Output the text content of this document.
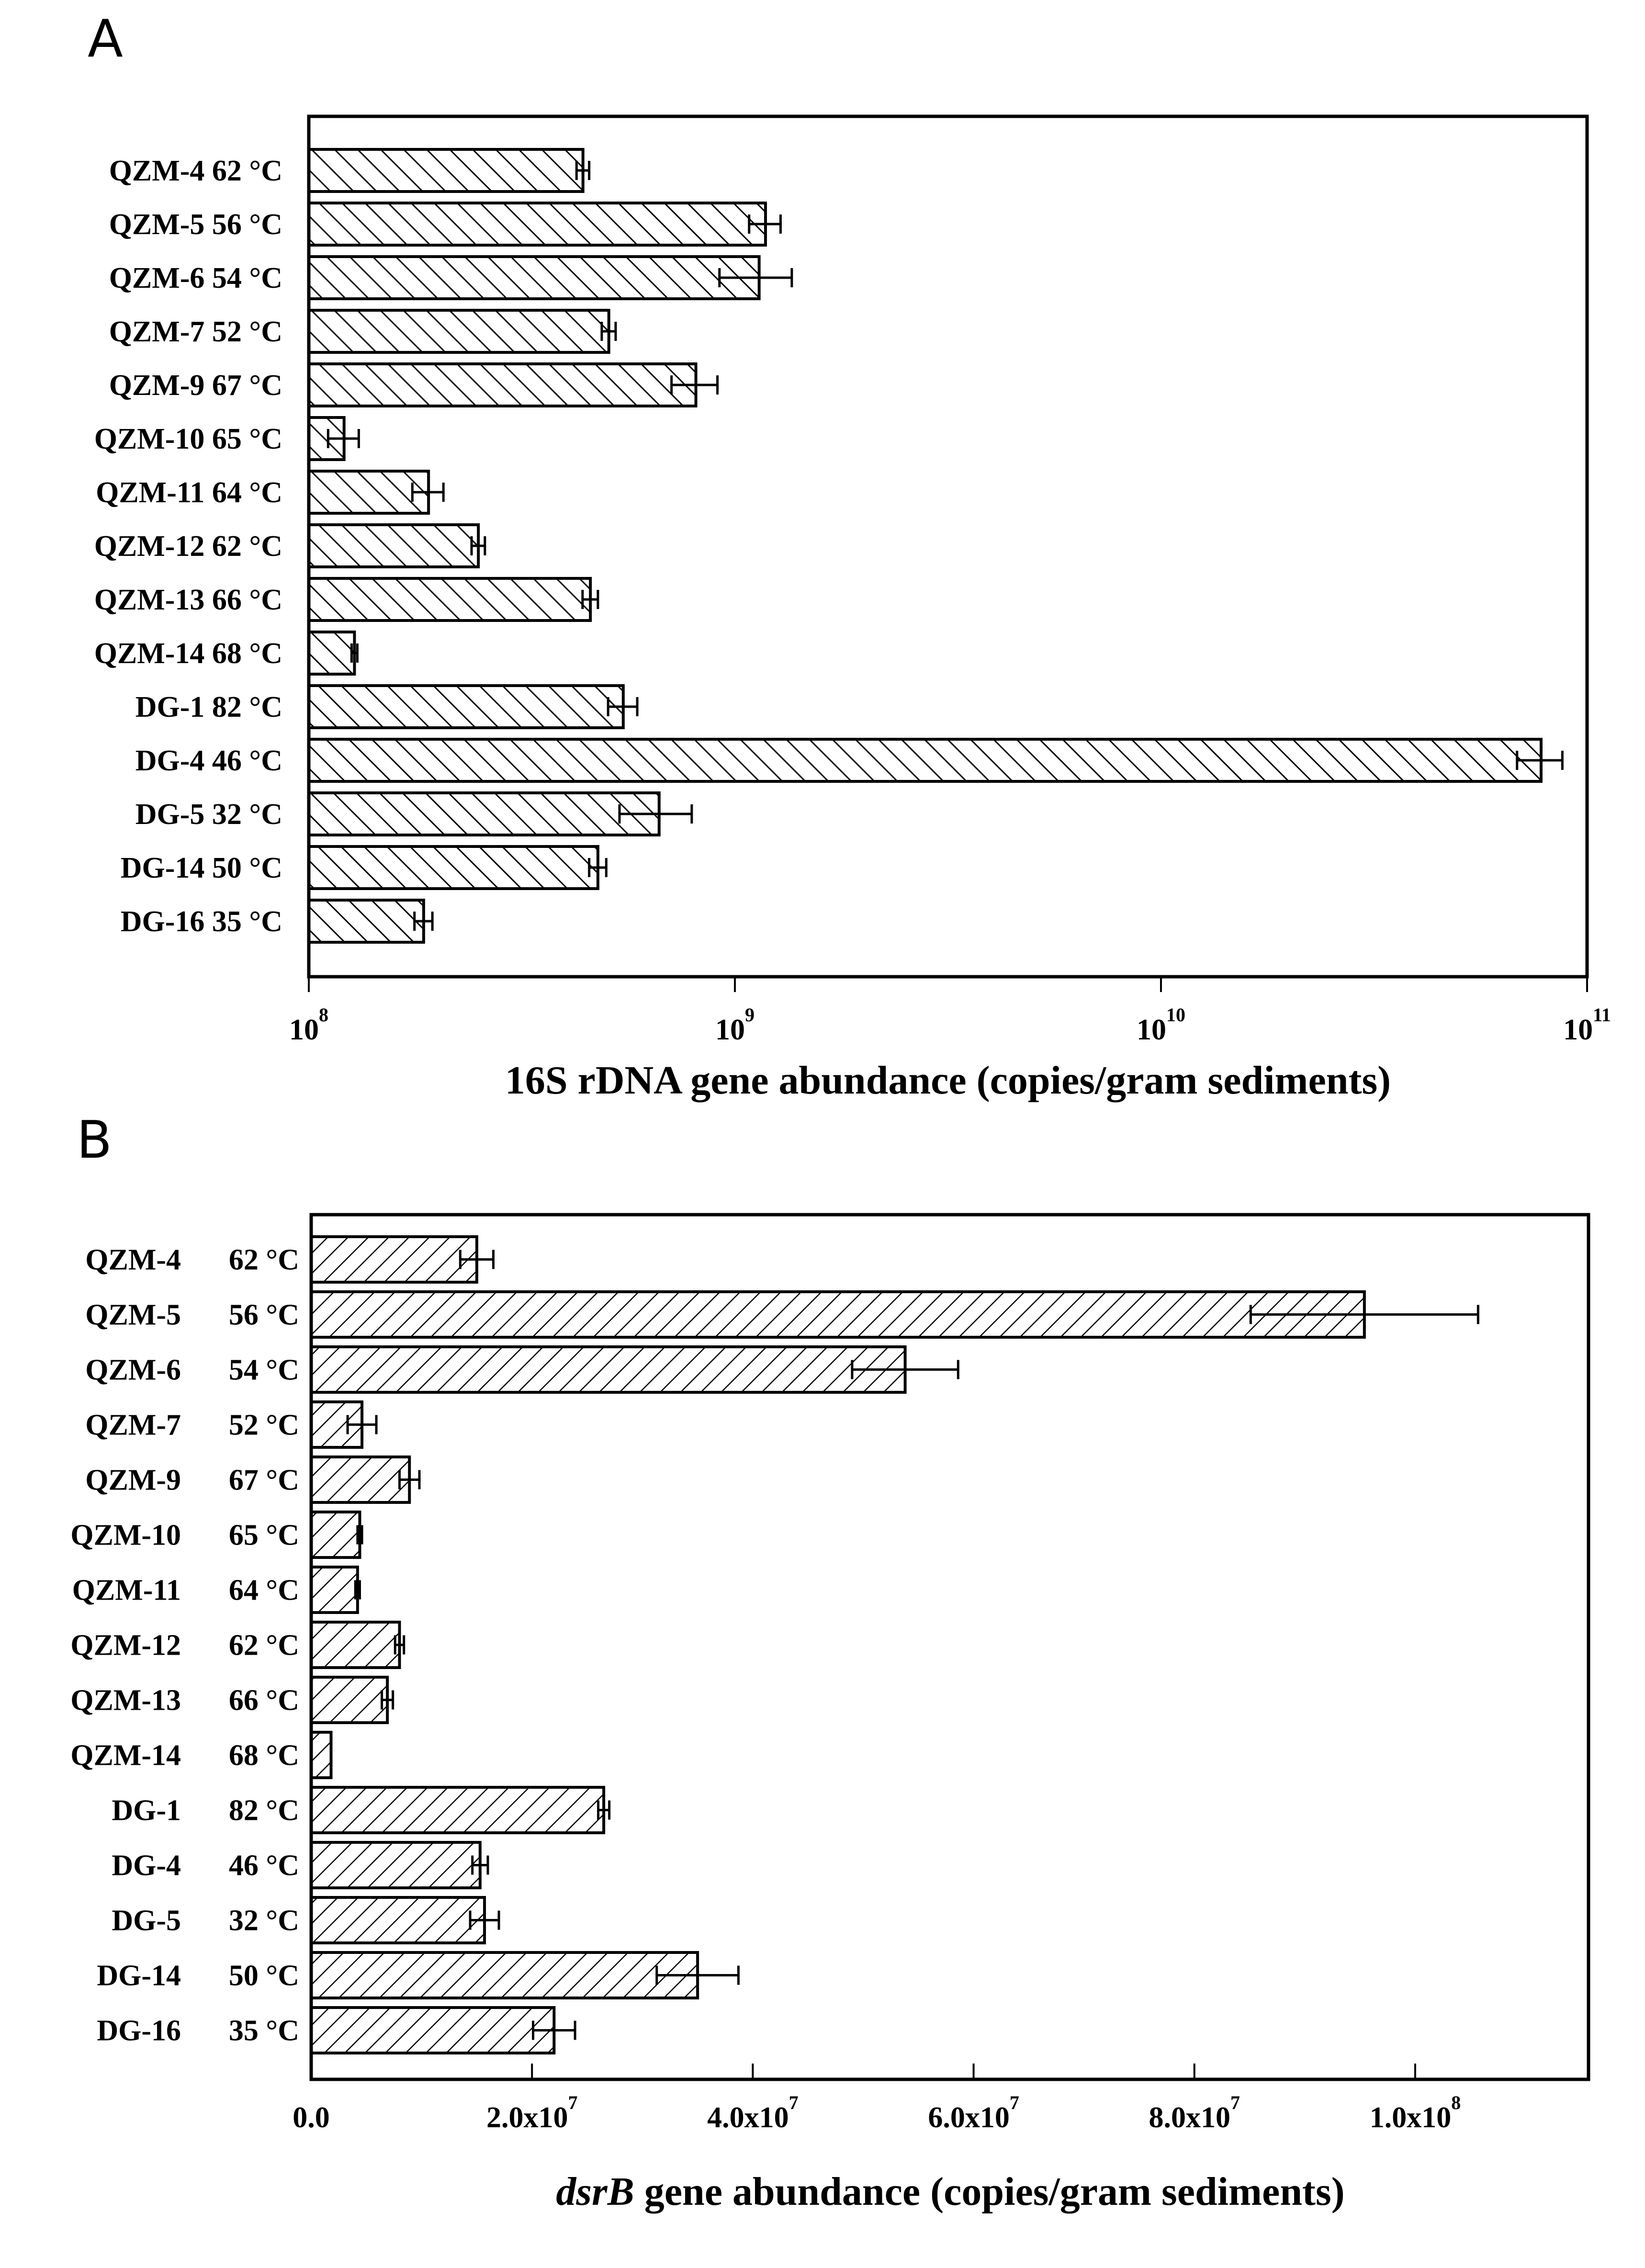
A
QZM-4 62 °C
QZM-5 56 °C
QZM-6 54 °C
QZM-7 52 °C
QZM-9 67 °C
QZM-10 65 °C
QZM-11 64 °C
QZM-12 62 °C
QZM-13 66 °C
QZM-14 68 °C
DG-1 82 °C
DG-4 46 °C
DG-5 32 °C
DG-14 50 °C
DG-16 35 °C
$10^8$	$10^9$	$10^{10}$	$10^{11}$
16S rDNA gene abundance (copies/gram sediments)
B
QZM-4 62 °C
QZM-5 56 °C
QZM-6 54 °C
QZM-7 52 °C
QZM-9 67 °C
QZM-10 65 °C
QZM-11 64 °C
QZM-12 62 °C
QZM-13 66 °C
QZM-14 68 °C
DG-1 82 °C
DG-4 46 °C
DG-5 32 °C
DG-14 50 °C
DG-16 35 °C
0.0	$2.0x10^7$	$4.0x10^7$	$6.0x10^7$	$8.0x10^7$	$1.0x10^8$
dsrB gene abundance (copies/gram sediments)
